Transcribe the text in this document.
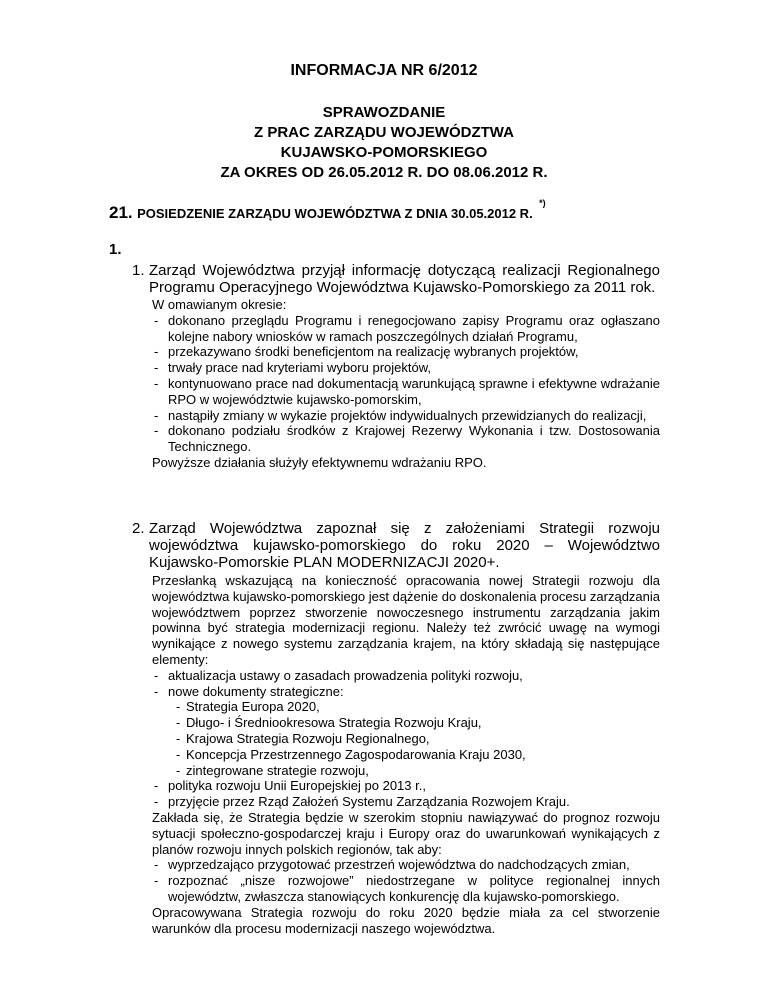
INFORMACJA NR 6/2012
SPRAWOZDANIE
Z PRAC ZARZĄDU WOJEWÓDZTWA
KUJAWSKO-POMORSKIEGO
ZA OKRES OD 26.05.2012 R. DO 08.06.2012 R.
21. POSIEDZENIE ZARZĄDU WOJEWÓDZTWA Z DNIA 30.05.2012 R. *)
1.
1. Zarząd Województwa przyjął informację dotyczącą realizacji Regionalnego Programu Operacyjnego Województwa Kujawsko-Pomorskiego za 2011 rok.

W omawianym okresie:

- dokonano przeglądu Programu i renegocjowano zapisy Programu oraz ogłaszano kolejne nabory wniosków w ramach poszczególnych działań Programu,
- przekazywano środki beneficjentom na realizację wybranych projektów,
- trwały prace nad kryteriami wyboru projektów,
- kontynuowano prace nad dokumentacją warunkującą sprawne i efektywne wdrażanie RPO w województwie kujawsko-pomorskim,
- nastąpiły zmiany w wykazie projektów indywidualnych przewidzianych do realizacji,
- dokonano podziału środków z Krajowej Rezerwy Wykonania i tzw. Dostosowania Technicznego.

Powyższe działania służyły efektywnemu wdrażaniu RPO.

2. Zarząd Województwa zapoznał się z założeniami Strategii rozwoju województwa kujawsko-pomorskiego do roku 2020 – Województwo Kujawsko-Pomorskie PLAN MODERNIZACJI 2020+.

Przesłanką wskazującą na konieczność opracowania nowej Strategii rozwoju dla województwa kujawsko-pomorskiego jest dążenie do doskonalenia procesu zarządzania województwem poprzez stworzenie nowoczesnego instrumentu zarządzania jakim powinna być strategia modernizacji regionu. Należy też zwrócić uwagę na wymogi wynikające z nowego systemu zarządzania krajem, na który składają się następujące elementy:

- aktualizacja ustawy o zasadach prowadzenia polityki rozwoju,
- nowe dokumenty strategiczne:
- Strategia Europa 2020,
- Długo- i Średniookresowa Strategia Rozwoju Kraju,
- Krajowa Strategia Rozwoju Regionalnego,
- Koncepcja Przestrzennego Zagospodarowania Kraju 2030,
- zintegrowane strategie rozwoju,
- polityka rozwoju Unii Europejskiej po 2013 r.,
- przyjęcie przez Rząd Założeń Systemu Zarządzania Rozwojem Kraju.

Zakłada się, że Strategia będzie w szerokim stopniu nawiązywać do prognoz rozwoju sytuacji społeczno-gospodarczej kraju i Europy oraz do uwarunkowań wynikających z planów rozwoju innych polskich regionów, tak aby:

- wyprzedzająco przygotować przestrzeń województwa do nadchodzących zmian,
- rozpoznać „nisze rozwojowe” niedostrzegane w polityce regionalnej innych województw, zwłaszcza stanowiących konkurencję dla kujawsko-pomorskiego.

Opracowywana Strategia rozwoju do roku 2020 będzie miała za cel stworzenie warunków dla procesu modernizacji naszego województwa.
